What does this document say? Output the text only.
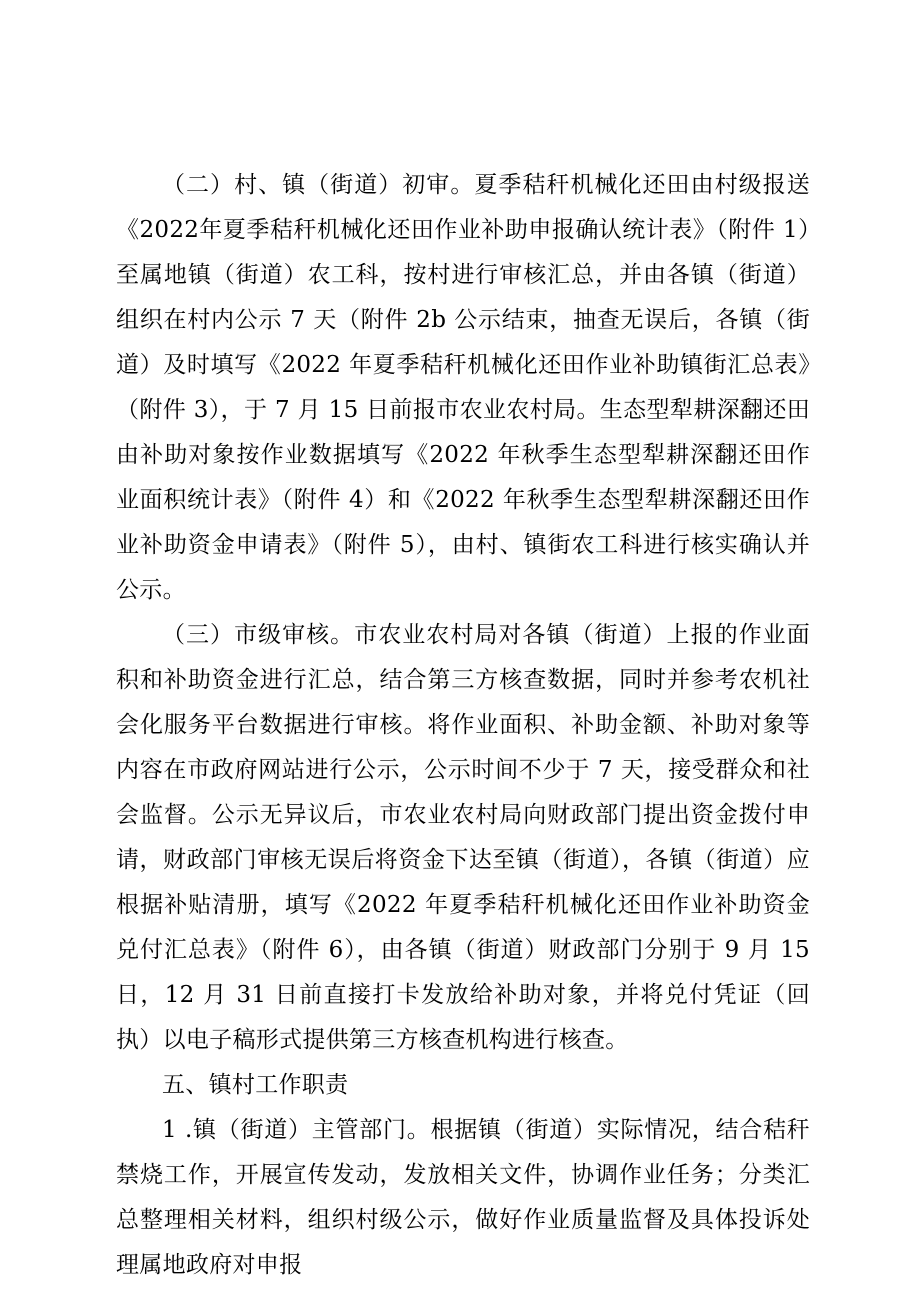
（二）村、镇（街道）初审。夏季秸秆机械化还田由村级报送《2022年夏季秸秆机械化还田作业补助申报确认统计表》（附件 1）至属地镇（街道）农工科，按村进行审核汇总，并由各镇（街道）组织在村内公示 7 天（附件 2b 公示结束，抽查无误后，各镇（街道）及时填写《2022 年夏季秸秆机械化还田作业补助镇街汇总表》（附件 3），于 7 月 15 日前报市农业农村局。生态型犁耕深翻还田由补助对象按作业数据填写《2022 年秋季生态型犁耕深翻还田作业面积统计表》（附件 4）和《2022 年秋季生态型犁耕深翻还田作业补助资金申请表》（附件 5），由村、镇街农工科进行核实确认并公示。

（三）市级审核。市农业农村局对各镇（街道）上报的作业面积和补助资金进行汇总，结合第三方核查数据，同时并参考农机社会化服务平台数据进行审核。将作业面积、补助金额、补助对象等内容在市政府网站进行公示，公示时间不少于 7 天，接受群众和社会监督。公示无异议后，市农业农村局向财政部门提出资金拨付申请，财政部门审核无误后将资金下达至镇（街道），各镇（街道）应根据补贴清册，填写《2022 年夏季秸秆机械化还田作业补助资金兑付汇总表》（附件 6），由各镇（街道）财政部门分别于 9 月 15 日，12 月 31 日前直接打卡发放给补助对象，并将兑付凭证（回执）以电子稿形式提供第三方核查机构进行核查。

五、镇村工作职责

1 .镇（街道）主管部门。根据镇（街道）实际情况，结合秸秆禁烧工作，开展宣传发动，发放相关文件，协调作业任务；分类汇总整理相关材料，组织村级公示，做好作业质量监督及具体投诉处理属地政府对申报
